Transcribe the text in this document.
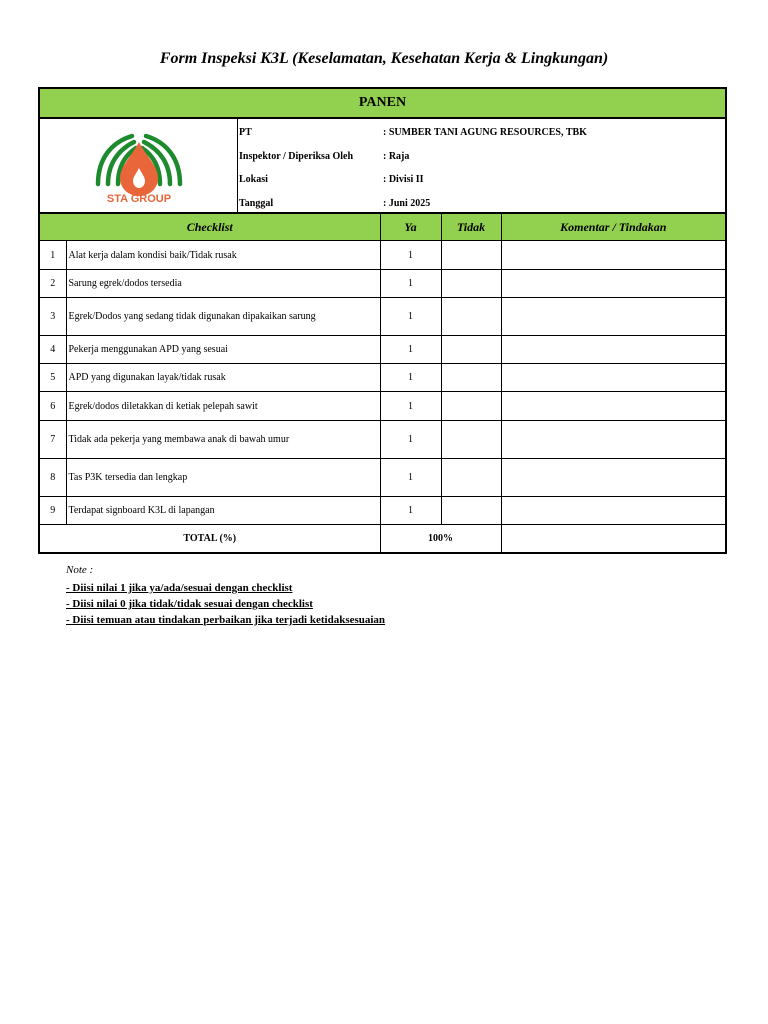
Form Inspeksi K3L (Keselamatan, Kesehatan Kerja & Lingkungan)
PANEN
STA GROUP
PT	: SUMBER TANI AGUNG RESOURCES, TBK
Inspektor / Diperiksa Oleh	: Raja
Lokasi	: Divisi II
Tanggal	: Juni 2025
Checklist		Ya	Tidak	Komentar / Tindakan
1	Alat kerja dalam kondisi baik/Tidak rusak	1		
2	Sarung egrek/dodos tersedia	1		
3	Egrek/Dodos yang sedang tidak digunakan dipakaikan sarung	1		
4	Pekerja menggunakan APD yang sesuai	1		
5	APD yang digunakan layak/tidak rusak	1		
6	Egrek/dodos diletakkan di ketiak pelepah sawit	1		
7	Tidak ada pekerja yang membawa anak di bawah umur	1		
8	Tas P3K tersedia dan lengkap	1		
9	Terdapat signboard K3L di lapangan	1		
TOTAL (%)		100%		
Note :
- Diisi nilai 1 jika ya/ada/sesuai dengan checklist
- Diisi nilai 0 jika tidak/tidak sesuai dengan checklist
- Diisi temuan atau tindakan perbaikan jika terjadi ketidaksesuaian
